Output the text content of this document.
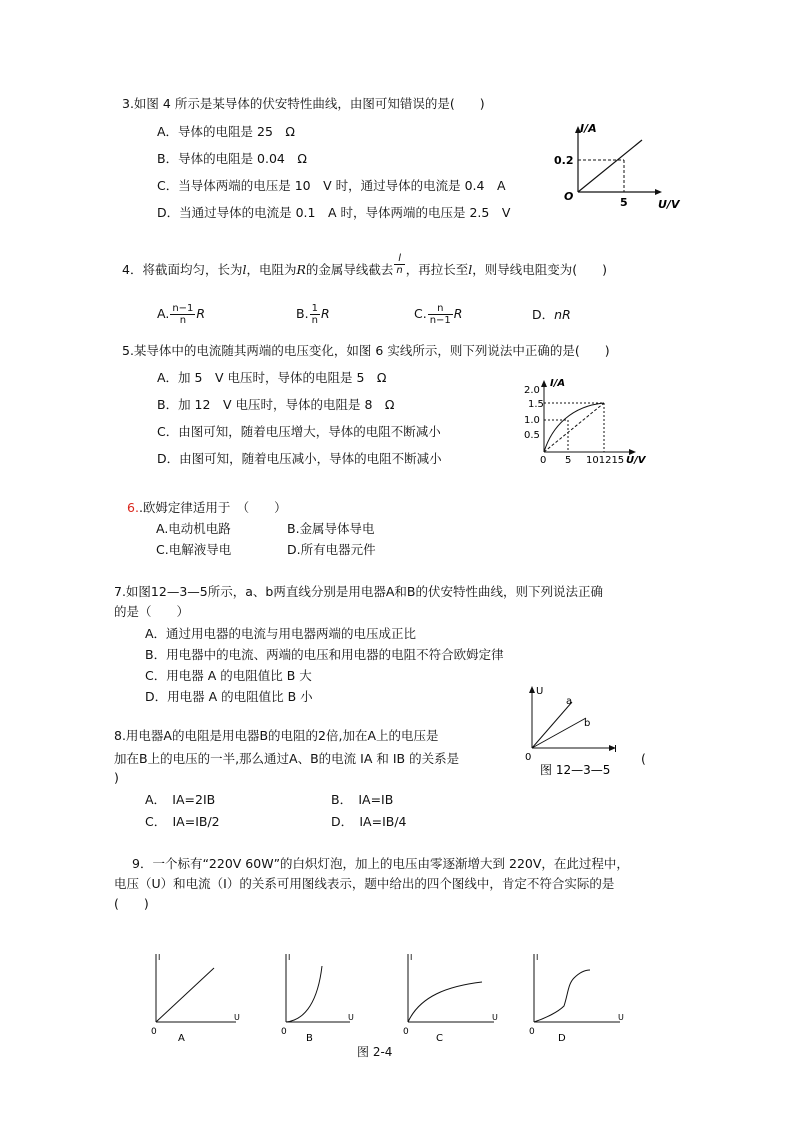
3.如图 4 所示是某导体的伏安特性曲线，由图可知错误的是(　　)
A．导体的电阻是 25　Ω
B．导体的电阻是 0.04　Ω
C．当导体两端的电压是 10　V 时，通过导体的电流是 0.4　A
D．当通过导体的电流是 0.1　A 时，导体两端的电压是 2.5　V
I/A
0.2
O	5	U/V
4．将截面均匀，长为l，电阻为R的金属导线截去 $\frac{l}{n}$ ，再拉长至l，则导线电阻变为(　　)
A. $\frac{n-1}{n}$ R	B. $\frac{1}{n}$ R	C. $\frac{n}{n-1}$ R	D．nR
5.某导体中的电流随其两端的电压变化，如图 6 实线所示，则下列说法中正确的是(　　)
A．加 5　V 电压时，导体的电阻是 5　Ω
B．加 12　V 电压时，导体的电阻是 8　Ω
C．由图可知，随着电压增大，导体的电阻不断减小
D．由图可知，随着电压减小，导体的电阻不断减小
I/A
2.0
1.5
1.0
0.5
0 5 101215 U/V
6..欧姆定律适用于　（　　）
A.电动机电路	B.金属导体导电
C.电解液导电	D.所有电器元件
7.如图12—3—5所示，a、b两直线分别是用电器A和B的伏安特性曲线，则下列说法正确
的是（　　）
A．通过用电器的电流与用电器两端的电压成正比
B．用电器中的电流、两端的电压和用电器的电阻不符合欧姆定律
C．用电器 A 的电阻值比 B 大
D．用电器 A 的电阻值比 B 小	U
a
b
0
I
图 12—3—5
8.用电器A的电阻是用电器B的电阻的2倍,加在A上的电压是
加在B上的电压的一半,那么通过A、B的电流 IA 和 IB 的关系是	(
)
A．　IA=2IB	B．　IA=IB
C．　IA=IB/2	D．　IA=IB/4
9．一个标有“220V 60W”的白炽灯泡，加上的电压由零逐渐增大到 220V，在此过程中，
电压（U）和电流（I）的关系可用图线表示，题中给出的四个图线中，肯定不符合实际的是
(　　)
I
0
U
A
I
0
U
B
I
0
U
C
I
0
U
D
图 2-4
